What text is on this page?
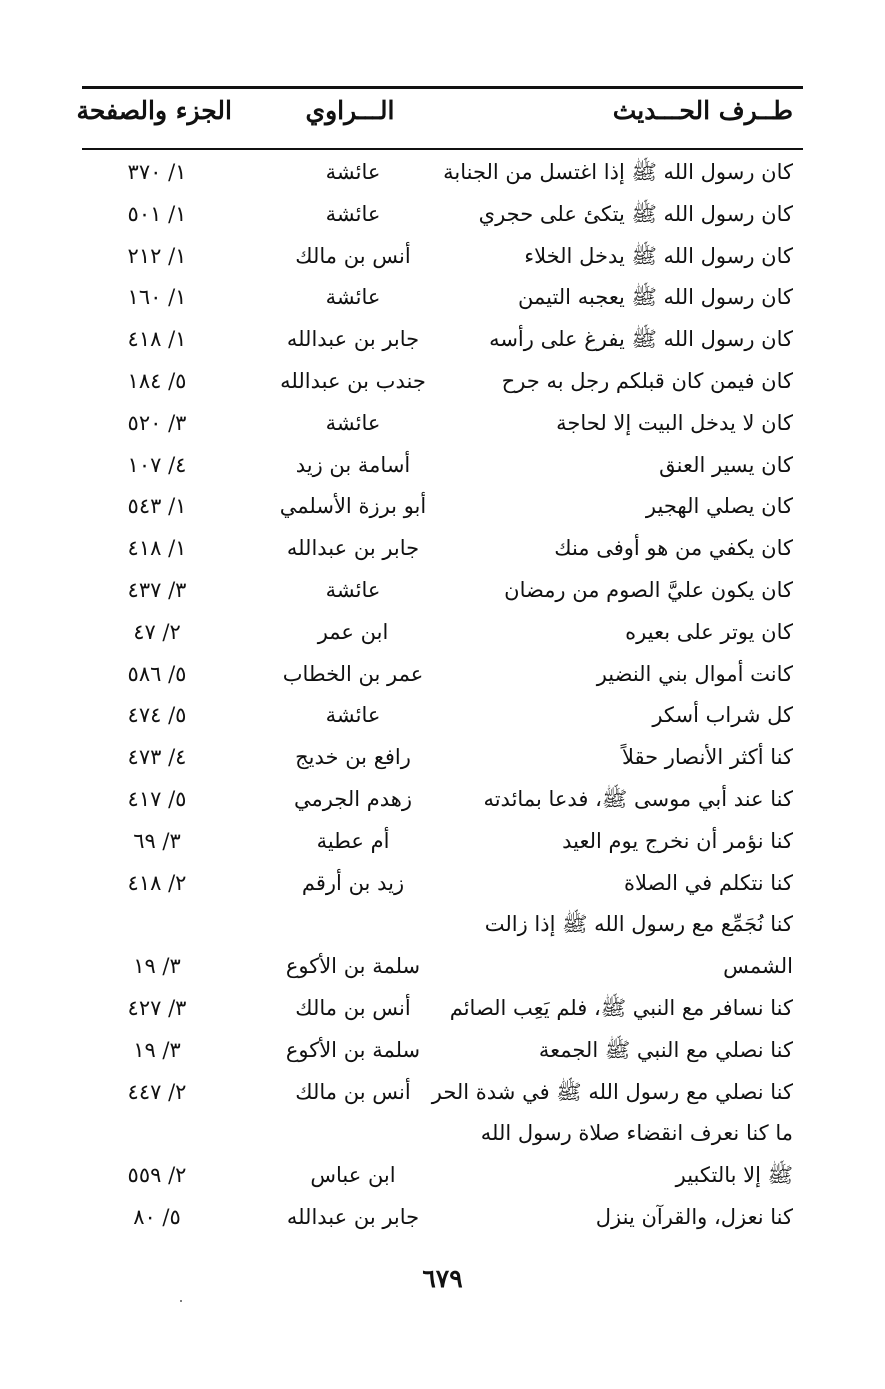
طــرف الحـــديث
الـــراوي
الجزء والصفحة
كان رسول الله ﷺ إذا اغتسل من الجنابة
عائشة
١/ ٣٧٠
كان رسول الله ﷺ يتكئ على حجري
عائشة
١/ ٥٠١
كان رسول الله ﷺ يدخل الخلاء
أنس بن مالك
١/ ٢١٢
كان رسول الله ﷺ يعجبه التيمن
عائشة
١/ ١٦٠
كان رسول الله ﷺ يفرغ على رأسه
جابر بن عبدالله
١/ ٤١٨
كان فيمن كان قبلكم رجل به جرح
جندب بن عبدالله
٥/ ١٨٤
كان لا يدخل البيت إلا لحاجة
عائشة
٣/ ٥٢٠
كان يسير العنق
أسامة بن زيد
٤/ ١٠٧
كان يصلي الهجير
أبو برزة الأسلمي
١/ ٥٤٣
كان يكفي من هو أوفى منك
جابر بن عبدالله
١/ ٤١٨
كان يكون عليَّ الصوم من رمضان
عائشة
٣/ ٤٣٧
كان يوتر على بعيره
ابن عمر
٢/ ٤٧
كانت أموال بني النضير
عمر بن الخطاب
٥/ ٥٨٦
كل شراب أسكر
عائشة
٥/ ٤٧٤
كنا أكثر الأنصار حقلاً
رافع بن خديج
٤/ ٤٧٣
كنا عند أبي موسى ﷺ، فدعا بمائدته
زهدم الجرمي
٥/ ٤١٧
كنا نؤمر أن نخرج يوم العيد
أم عطية
٣/ ٦٩
كنا نتكلم في الصلاة
زيد بن أرقم
٢/ ٤١٨
كنا نُجَمِّع مع رسول الله ﷺ إذا زالت الشمس
سلمة بن الأكوع
٣/ ١٩
كنا نسافر مع النبي ﷺ، فلم يَعِب الصائم
أنس بن مالك
٣/ ٤٢٧
كنا نصلي مع النبي ﷺ الجمعة
سلمة بن الأكوع
٣/ ١٩
كنا نصلي مع رسول الله ﷺ في شدة الحر
أنس بن مالك
٢/ ٤٤٧
ما كنا نعرف انقضاء صلاة رسول الله ﷺ إلا بالتكبير
ابن عباس
٢/ ٥٥٩
كنا نعزل، والقرآن ينزل
جابر بن عبدالله
٥/ ٨٠
٦٧٩
